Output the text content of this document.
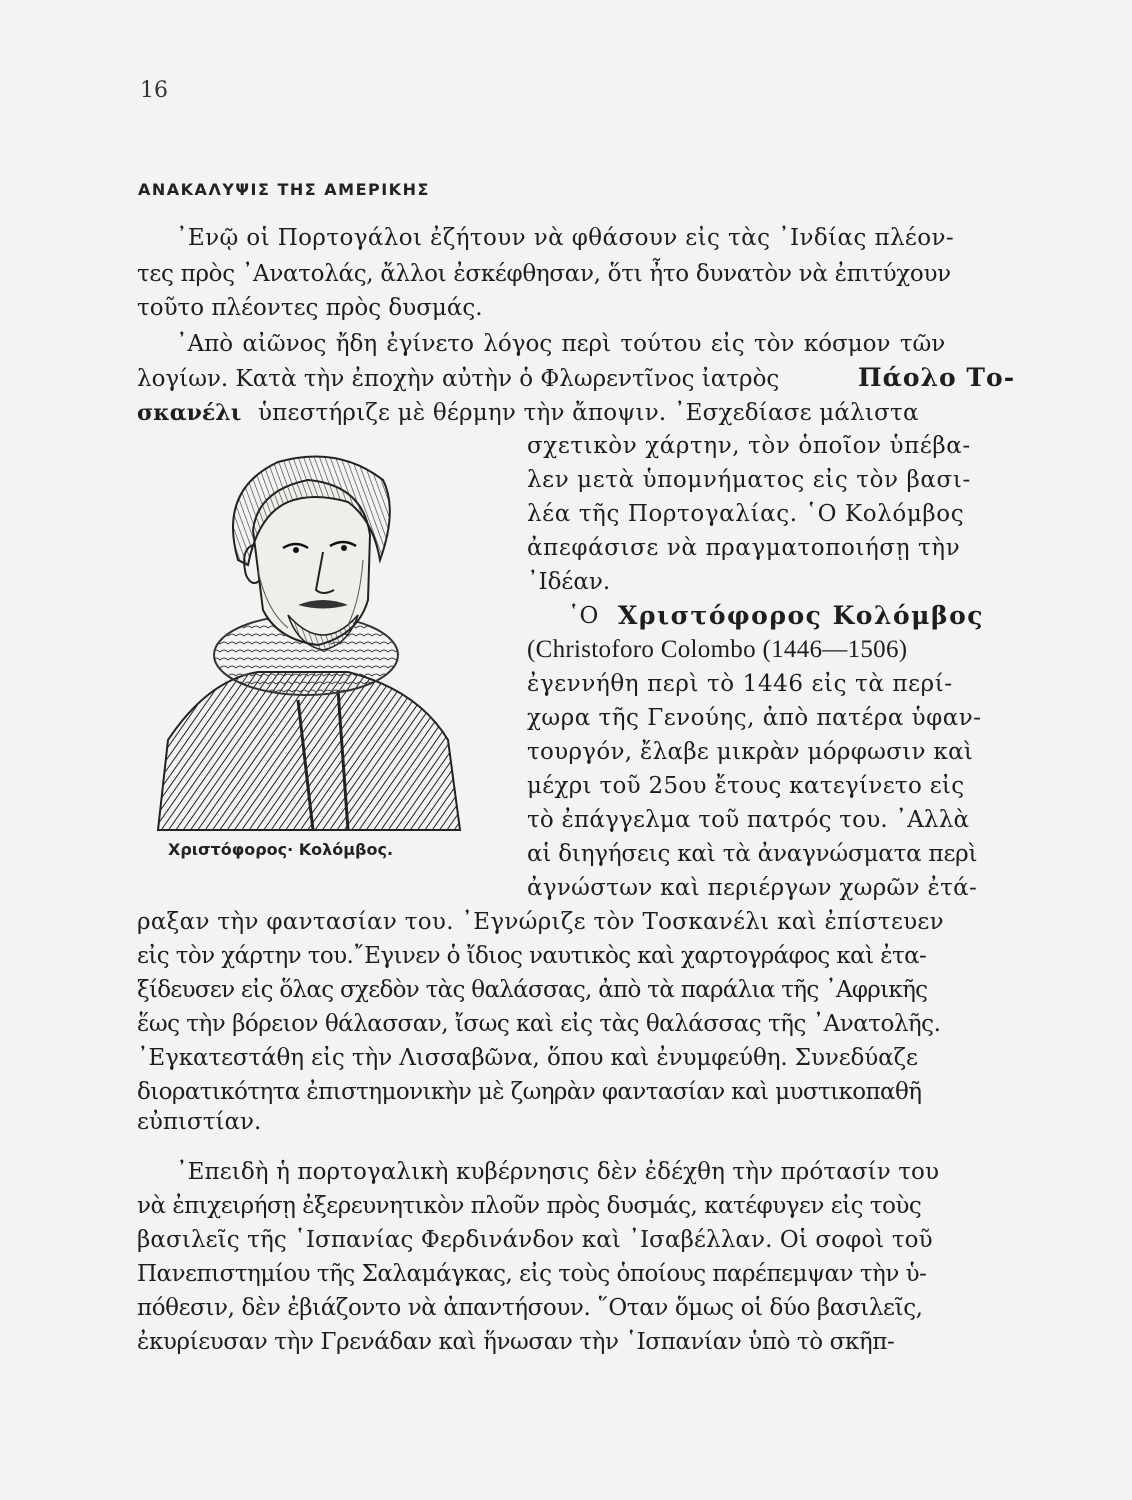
16
ΑΝΑΚΑΛΥΨΙΣ ΤΗΣ ΑΜΕΡΙΚΗΣ
᾿Ενῷ οἱ Πορτογάλοι ἐζήτουν νὰ φθάσουν εἰς τὰς ᾿Ινδίας πλέον-
τες πρὸς ᾿Ανατολάς, ἄλλοι ἐσκέφθησαν, ὅτι ἦτο δυνατὸν νὰ ἐπιτύχουν
τοῦτο πλέοντες πρὸς δυσμάς.
᾿Απὸ αἰῶνος ἤδη ἐγίνετο λόγος περὶ τούτου εἰς τὸν κόσμον τῶν
λογίων. Κατὰ τὴν ἐποχὴν αὐτὴν ὁ Φλωρεντῖνος ἰατρὸς	Πάολο Το-
σκανέλι ὑπεστήριζε μὲ θέρμην τὴν ἄποψιν. ᾿Εσχεδίασε μάλιστα
σχετικὸν χάρτην, τὸν ὁποῖον ὑπέβα-
λεν μετὰ ὑπομνήματος εἰς τὸν βασι-
λέα τῆς Πορτογαλίας. ῾Ο Κολόμβος
ἀπεφάσισε νὰ πραγματοποιήσῃ τὴν
᾿Ιδέαν.
῾Ο Χριστόφορος Κολόμβος
(Christoforo Colombo (1446—1506)
ἐγεννήθη περὶ τὸ 1446 εἰς τὰ περί-
χωρα τῆς Γενούης, ἀπὸ πατέρα ὑφαν-
τουργόν, ἔλαβε μικρὰν μόρφωσιν καὶ
μέχρι τοῦ 25ου ἔτους κατεγίνετο εἰς
τὸ ἐπάγγελμα τοῦ πατρός του. ᾿Αλλὰ
αἱ διηγήσεις καὶ τὰ ἀναγνώσματα περὶ
ἀγνώστων καὶ περιέργων χωρῶν ἐτά-
ραξαν τὴν φαντασίαν του. ᾿Εγνώριζε τὸν Τοσκανέλι καὶ ἐπίστευεν
εἰς τὸν χάρτην του.῎Εγινεν ὁ ἴδιος ναυτικὸς καὶ χαρτογράφος καὶ ἐτα-
ξίδευσεν εἰς ὅλας σχεδὸν τὰς θαλάσσας, ἀπὸ τὰ παράλια τῆς ᾿Αφρικῆς
ἕως τὴν βόρειον θάλασσαν, ἴσως καὶ εἰς τὰς θαλάσσας τῆς ᾿Ανατολῆς.
᾿Εγκατεστάθη εἰς τὴν Λισσαβῶνα, ὅπου καὶ ἐνυμφεύθη. Συνεδύαζε
διορατικότητα ἐπιστημονικὴν μὲ ζωηρὰν φαντασίαν καὶ μυστικοπαθῆ
εὐπιστίαν.
᾿Επειδὴ ἡ πορτογαλικὴ κυβέρνησις δὲν ἐδέχθη τὴν πρότασίν του
νὰ ἐπιχειρήσῃ ἐξερευνητικὸν πλοῦν πρὸς δυσμάς, κατέφυγεν εἰς τοὺς
βασιλεῖς τῆς ῾Ισπανίας Φερδινάνδον καὶ ᾿Ισαβέλλαν. Οἱ σοφοὶ τοῦ
Πανεπιστημίου τῆς Σαλαμάγκας, εἰς τοὺς ὁποίους παρέπεμψαν τὴν ὑ-
πόθεσιν, δὲν ἐβιάζοντο νὰ ἀπαντήσουν. ῞Οταν ὅμως οἱ δύο βασιλεῖς,
ἐκυρίευσαν τὴν Γρενάδαν καὶ ἥνωσαν τὴν ῾Ισπανίαν ὑπὸ τὸ σκῆπ-
Χριστόφορος· Κολόμβος.
